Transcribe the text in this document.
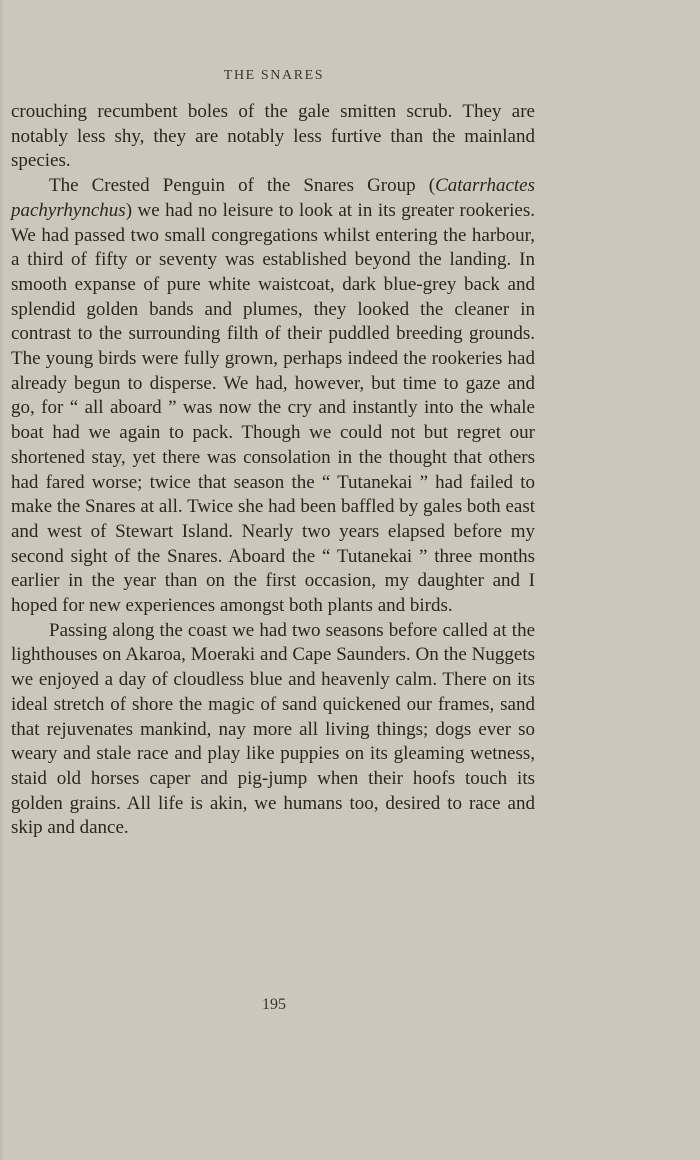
THE SNARES

crouching recumbent boles of the gale smitten scrub. They are notably less shy, they are notably less furtive than the mainland species.

The Crested Penguin of the Snares Group (Catarrhactes pachyrhynchus) we had no leisure to look at in its greater rookeries. We had passed two small congregations whilst entering the harbour, a third of fifty or seventy was established beyond the landing. In smooth expanse of pure white waistcoat, dark blue-grey back and splendid golden bands and plumes, they looked the cleaner in contrast to the surrounding filth of their puddled breeding grounds. The young birds were fully grown, perhaps indeed the rookeries had already begun to disperse. We had, however, but time to gaze and go, for “ all aboard ” was now the cry and instantly into the whale boat had we again to pack. Though we could not but regret our shortened stay, yet there was consolation in the thought that others had fared worse; twice that season the “ Tutanekai ” had failed to make the Snares at all. Twice she had been baffled by gales both east and west of Stewart Island. Nearly two years elapsed before my second sight of the Snares. Aboard the “ Tutanekai ” three months earlier in the year than on the first occasion, my daughter and I hoped for new experiences amongst both plants and birds.

Passing along the coast we had two seasons before called at the lighthouses on Akaroa, Moeraki and Cape Saunders. On the Nuggets we enjoyed a day of cloudless blue and heavenly calm. There on its ideal stretch of shore the magic of sand quickened our frames, sand that rejuvenates mankind, nay more all living things; dogs ever so weary and stale race and play like puppies on its gleaming wetness, staid old horses caper and pig-jump when their hoofs touch its golden grains. All life is akin, we humans too, desired to race and skip and dance.

195
